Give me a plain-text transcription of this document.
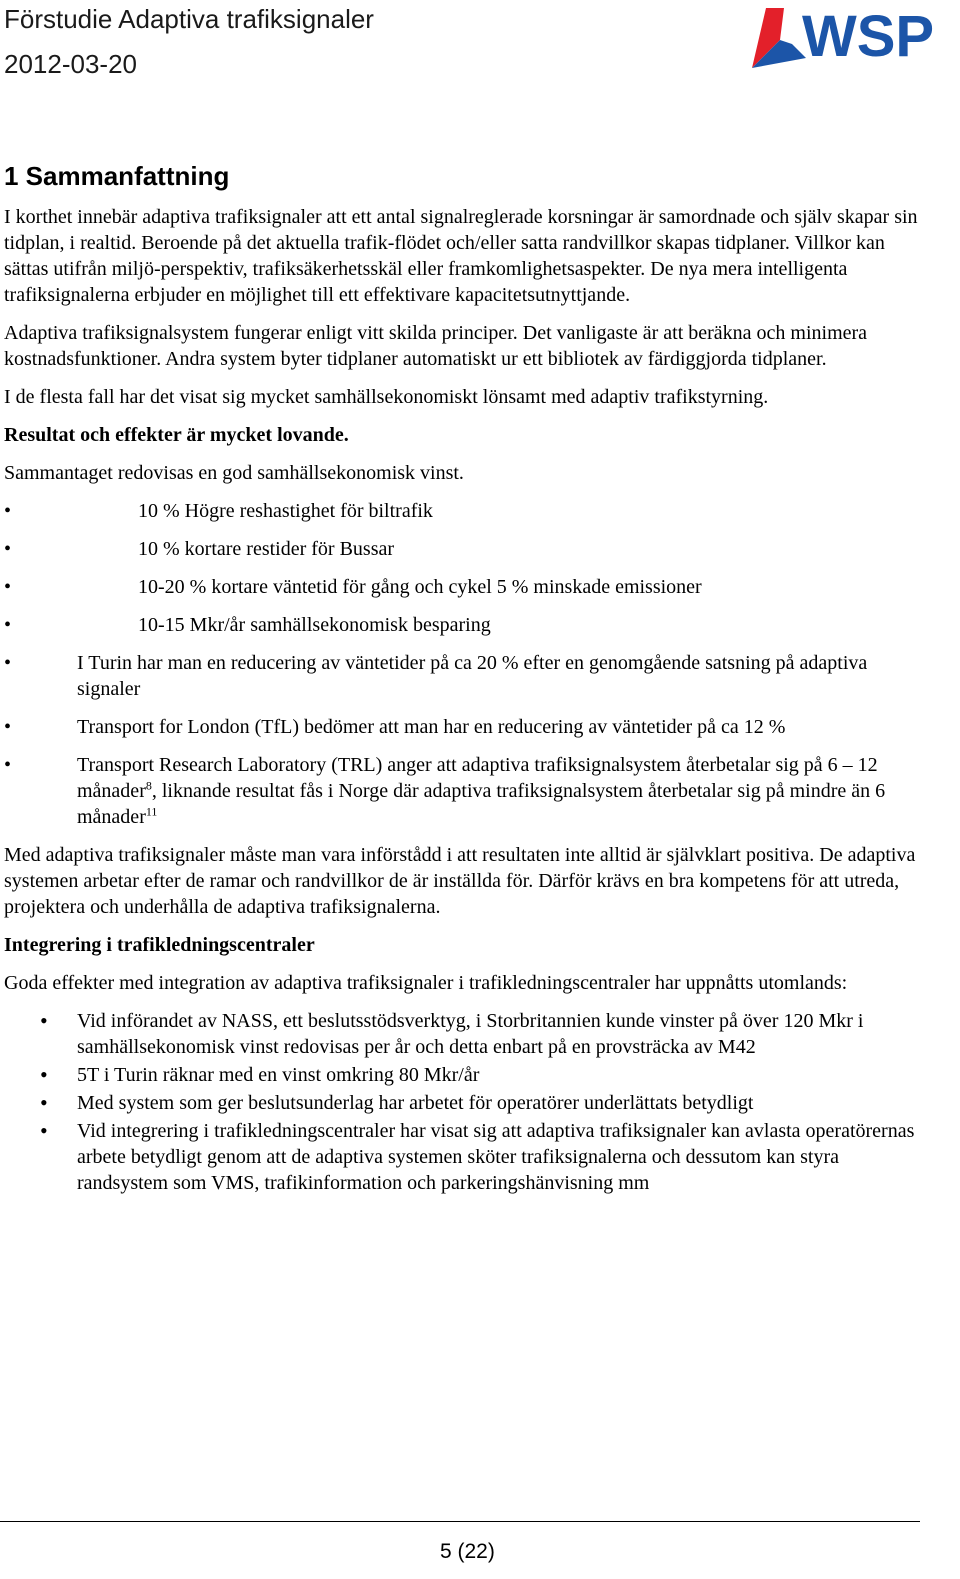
Förstudie Adaptiva trafiksignaler
2012-03-20	WSP
1 Sammanfattning

I korthet innebär adaptiva trafiksignaler att ett antal signalreglerade korsningar är samordnade och själv skapar sin tidplan, i realtid. Beroende på det aktuella trafik-flödet och/eller satta randvillkor skapas tidplaner. Villkor kan sättas utifrån miljö-perspektiv, trafiksäkerhetsskäl eller framkomlighetsaspekter. De nya mera intelligenta trafiksignalerna erbjuder en möjlighet till ett effektivare kapacitetsutnyttjande.

Adaptiva trafiksignalsystem fungerar enligt vitt skilda principer. Det vanligaste är att beräkna och minimera kostnadsfunktioner. Andra system byter tidplaner automatiskt ur ett bibliotek av färdiggjorda tidplaner.

I de flesta fall har det visat sig mycket samhällsekonomiskt lönsamt med adaptiv trafikstyrning.

Resultat och effekter är mycket lovande.

Sammantaget redovisas en god samhällsekonomisk vinst.

•	10 % Högre reshastighet för biltrafik
•	10 % kortare restider för Bussar
•	10-20 % kortare väntetid för gång och cykel 5 % minskade emissioner
•	10-15 Mkr/år samhällsekonomisk besparing
•	I Turin har man en reducering av väntetider på ca 20 % efter en genomgående satsning på adaptiva signaler
•	Transport for London (TfL) bedömer att man har en reducering av väntetider på ca 12 %
•	Transport Research Laboratory (TRL) anger att adaptiva trafiksignalsystem återbetalar sig på 6 – 12 månader$^8$, liknande resultat fås i Norge där adaptiva trafiksignalsystem återbetalar sig på mindre än 6 månader$^{11}$

Med adaptiva trafiksignaler måste man vara införstådd i att resultaten inte alltid är självklart positiva. De adaptiva systemen arbetar efter de ramar och randvillkor de är inställda för. Därför krävs en bra kompetens för att utreda, projektera och underhålla de adaptiva trafiksignalerna.

Integrering i trafikledningscentraler

Goda effekter med integration av adaptiva trafiksignaler i trafikledningscentraler har uppnåtts utomlands:

• Vid införandet av NASS, ett beslutsstödsverktyg, i Storbritannien kunde vinster på över 120 Mkr i samhällsekonomisk vinst redovisas per år och detta enbart på en provsträcka av M42
• 5T i Turin räknar med en vinst omkring 80 Mkr/år
• Med system som ger beslutsunderlag har arbetet för operatörer underlättats betydligt
• Vid integrering i trafikledningscentraler har visat sig att adaptiva trafiksignaler kan avlasta operatörernas arbete betydligt genom att de adaptiva systemen sköter trafiksignalerna och dessutom kan styra randsystem som VMS, trafikinformation och parkeringshänvisning mm
5 (22)
